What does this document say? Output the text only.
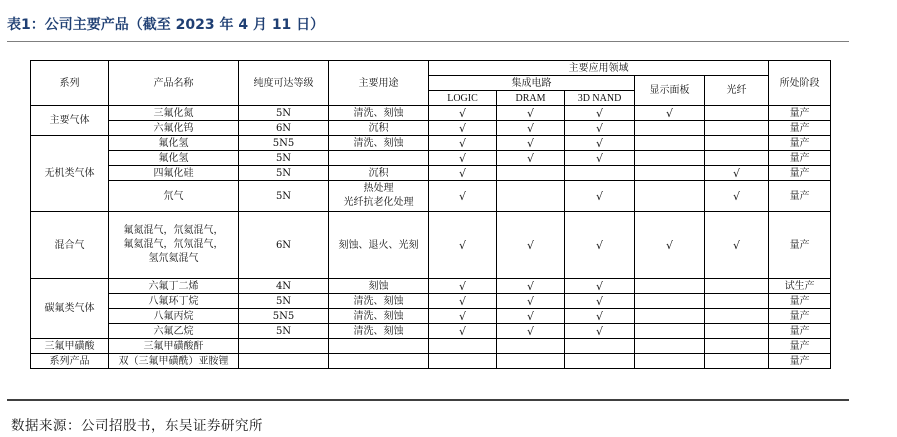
表1：公司主要产品（截至 2023 年 4 月 11 日）
系列	产品名称	纯度可达等级	主要用途	主要应用领域					所处阶段
				集成电路			显示面板	光纤	
				LOGIC	DRAM	3D NAND			
主要气体	三氟化氮	5N	清洗、刻蚀	√	√	√	√		量产
	六氟化钨	6N	沉积	√	√	√			量产
无机类气体	氟化氢	5N5	清洗、刻蚀	√	√	√			量产
	氟化氢	5N		√	√	√			量产
	四氟化硅	5N	沉积	√				√	量产
	氘气	5N	热处理
光纤抗老化处理	√		√		√	量产
混合气	氟氮混气，氘氦混气，
氟氦混气，氘氖混气，
氢氘氦混气	6N	刻蚀、退火、光刻	√	√	√	√	√	量产
碳氟类气体	六氟丁二烯	4N	刻蚀	√	√	√			试生产
	八氟环丁烷	5N	清洗、刻蚀	√	√	√			量产
	八氟丙烷	5N5	清洗、刻蚀	√	√	√			量产
	六氟乙烷	5N	清洗、刻蚀	√	√	√			量产
三氟甲磺酸	三氟甲磺酸酐								量产
系列产品	双（三氟甲磺酰）亚胺锂								量产
数据来源：公司招股书，东吴证券研究所
